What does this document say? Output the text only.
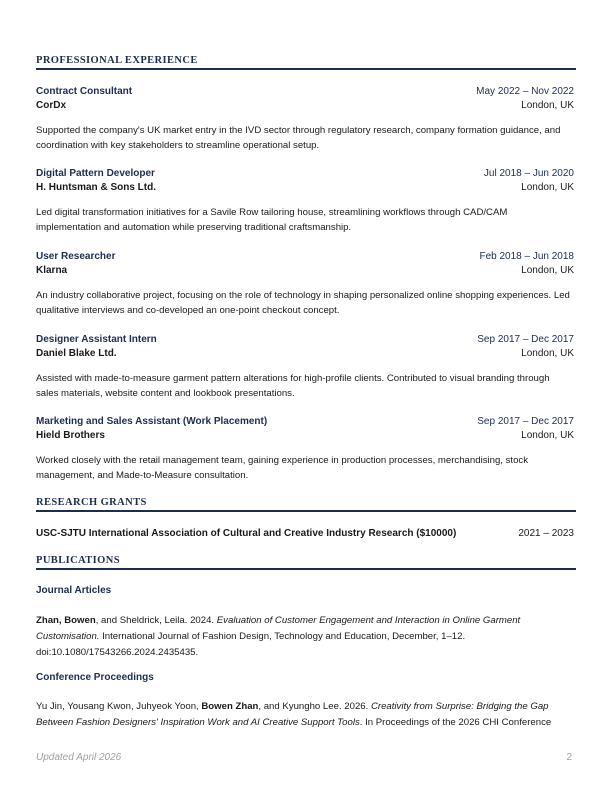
PROFESSIONAL EXPERIENCE
Contract Consultant	May 2022 – Nov 2022
CorDx	London, UK
Supported the company's UK market entry in the IVD sector through regulatory research, company formation guidance, and coordination with key stakeholders to streamline operational setup.
Digital Pattern Developer	Jul 2018 – Jun 2020
H. Huntsman & Sons Ltd.	London, UK
Led digital transformation initiatives for a Savile Row tailoring house, streamlining workflows through CAD/CAM implementation and automation while preserving traditional craftsmanship.
User Researcher	Feb 2018 – Jun 2018
Klarna	London, UK
An industry collaborative project, focusing on the role of technology in shaping personalized online shopping experiences. Led qualitative interviews and co-developed an one-point checkout concept.
Designer Assistant Intern	Sep 2017 – Dec 2017
Daniel Blake Ltd.	London, UK
Assisted with made-to-measure garment pattern alterations for high-profile clients. Contributed to visual branding through sales materials, website content and lookbook presentations.
Marketing and Sales Assistant (Work Placement)	Sep 2017 – Dec 2017
Hield Brothers	London, UK
Worked closely with the retail management team, gaining experience in production processes, merchandising, stock management, and Made-to-Measure consultation.
RESEARCH GRANTS
USC-SJTU International Association of Cultural and Creative Industry Research ($10000)	2021 – 2023
PUBLICATIONS
Journal Articles
Zhan, Bowen, and Sheldrick, Leila. 2024. Evaluation of Customer Engagement and Interaction in Online Garment Customisation. International Journal of Fashion Design, Technology and Education, December, 1–12. doi:10.1080/17543266.2024.2435435.
Conference Proceedings
Yu Jin, Yousang Kwon, Juhyeok Yoon, Bowen Zhan, and Kyungho Lee. 2026. Creativity from Surprise: Bridging the Gap Between Fashion Designers' Inspiration Work and AI Creative Support Tools. In Proceedings of the 2026 CHI Conference
Updated April 2026	2
